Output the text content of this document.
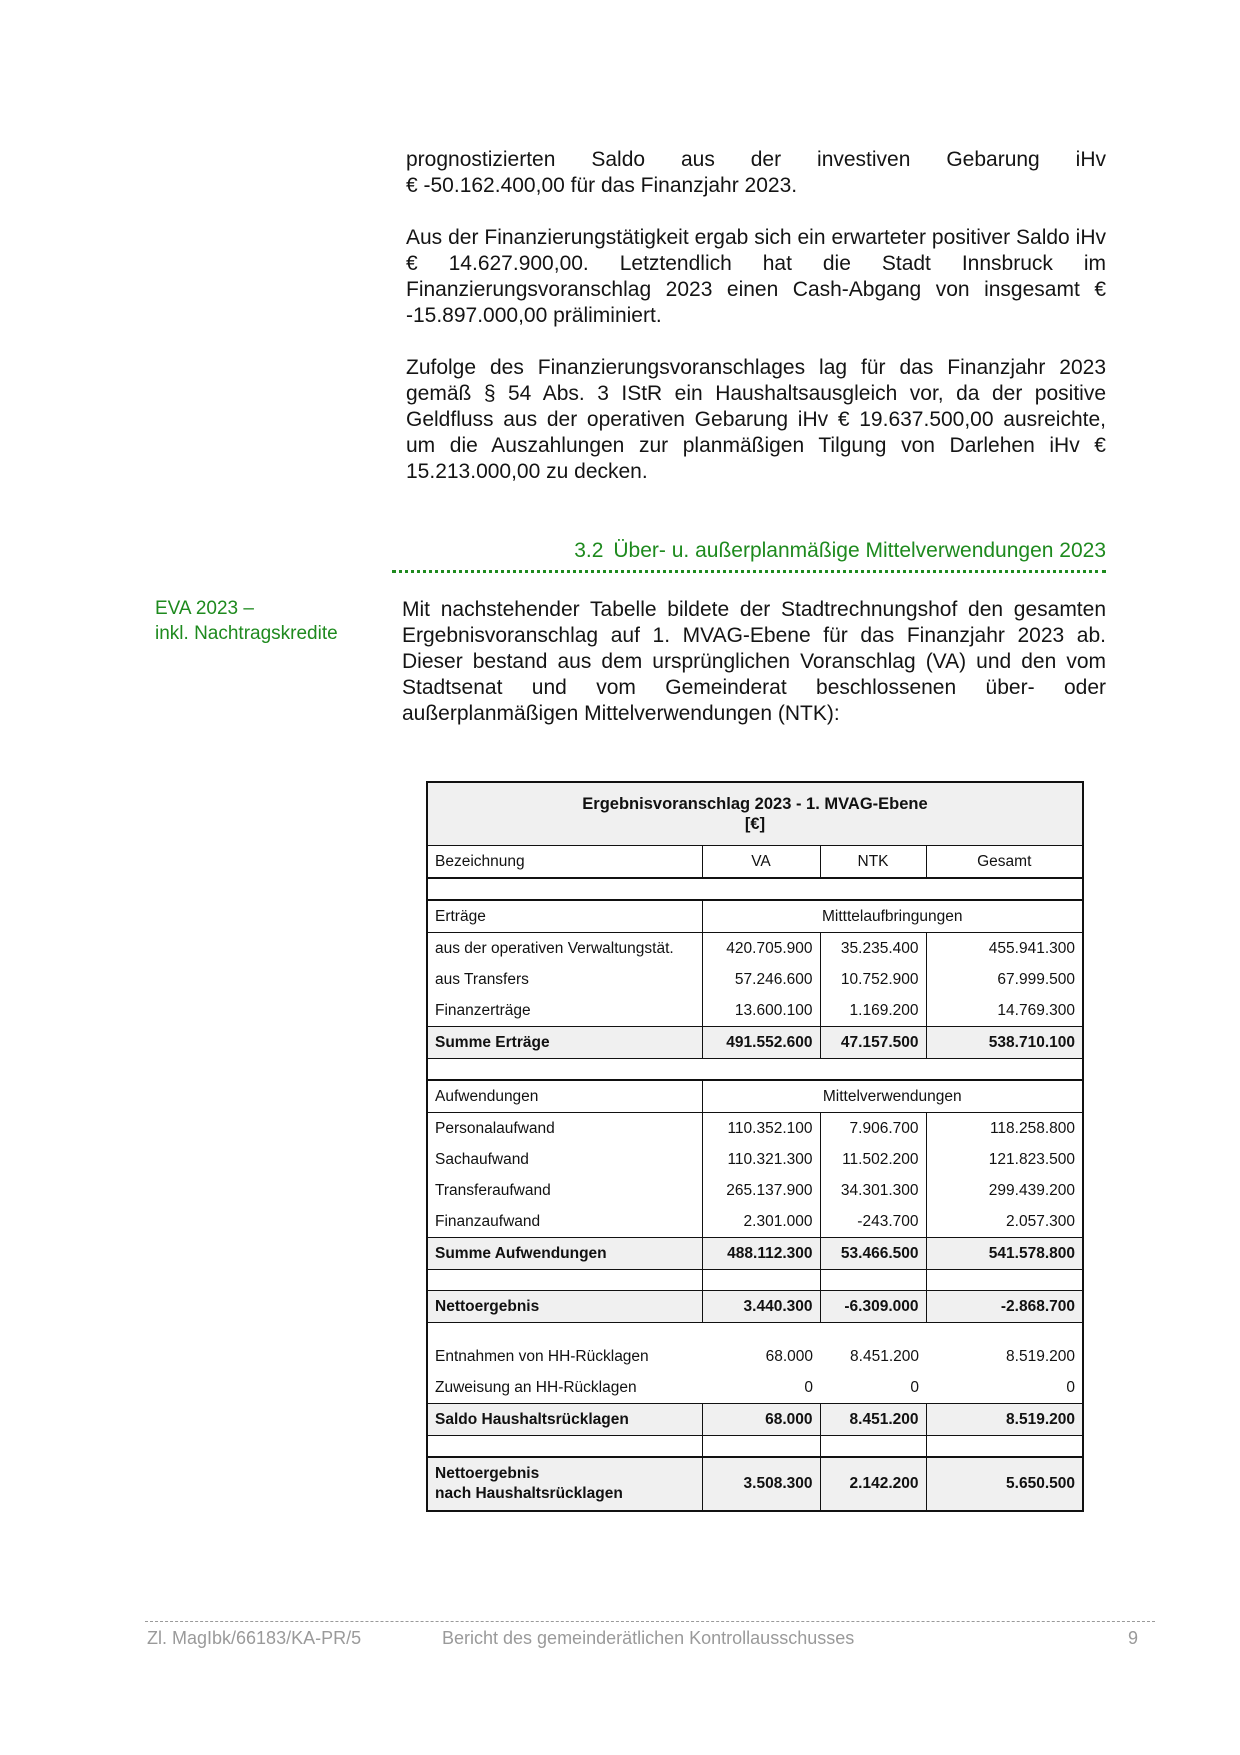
prognostizierten Saldo aus der investiven Gebarung iHv

€ -50.162.400,00 für das Finanzjahr 2023.

Aus der Finanzierungstätigkeit ergab sich ein erwarteter positiver Saldo iHv € 14.627.900,00. Letztendlich hat die Stadt Innsbruck im Finanzierungsvoranschlag 2023 einen Cash-Abgang von insgesamt € -15.897.000,00 präliminiert.

Zufolge des Finanzierungsvoranschlages lag für das Finanzjahr 2023 gemäß § 54 Abs. 3 IStR ein Haushaltsausgleich vor, da der positive Geldfluss aus der operativen Gebarung iHv € 19.637.500,00 ausreichte, um die Auszahlungen zur planmäßigen Tilgung von Darlehen iHv € 15.213.000,00 zu decken.

3.2 Über- u. außerplanmäßige Mittelverwendungen 2023
EVA 2023 –
inkl. Nachtragskredite

Mit nachstehender Tabelle bildete der Stadtrechnungshof den gesamten Ergebnisvoranschlag auf 1. MVAG-Ebene für das Finanzjahr 2023 ab. Dieser bestand aus dem ursprünglichen Voranschlag (VA) und den vom Stadtsenat und vom Gemeinderat beschlossenen über- oder außerplanmäßigen Mittelverwendungen (NTK):

Ergebnisvoranschlag 2023 - 1. MVAG-Ebene
[€]			

Bezeichnung	VA	NTK	Gesamt

Erträge	Mitttelaufbringungen		
aus der operativen Verwaltungstät.	420.705.900	35.235.400	455.941.300
aus Transfers	57.246.600	10.752.900	67.999.500
Finanzerträge	13.600.100	1.169.200	14.769.300
Summe Erträge	491.552.600	47.157.500	538.710.100

Aufwendungen	Mittelverwendungen		
Personalaufwand	110.352.100	7.906.700	118.258.800
Sachaufwand	110.321.300	11.502.200	121.823.500
Transferaufwand	265.137.900	34.301.300	299.439.200
Finanzaufwand	2.301.000	-243.700	2.057.300
Summe Aufwendungen	488.112.300	53.466.500	541.578.800

Nettoergebnis	3.440.300	-6.309.000	-2.868.700

Entnahmen von HH-Rücklagen	68.000	8.451.200	8.519.200
Zuweisung an HH-Rücklagen	0	0	0
Saldo Haushaltsrücklagen	68.000	8.451.200	8.519.200

Nettoergebnis
nach Haushaltsrücklagen	3.508.300	2.142.200	5.650.500
Zl. MagIbk/66183/KA-PR/5	Bericht des gemeinderätlichen Kontrollausschusses	9
